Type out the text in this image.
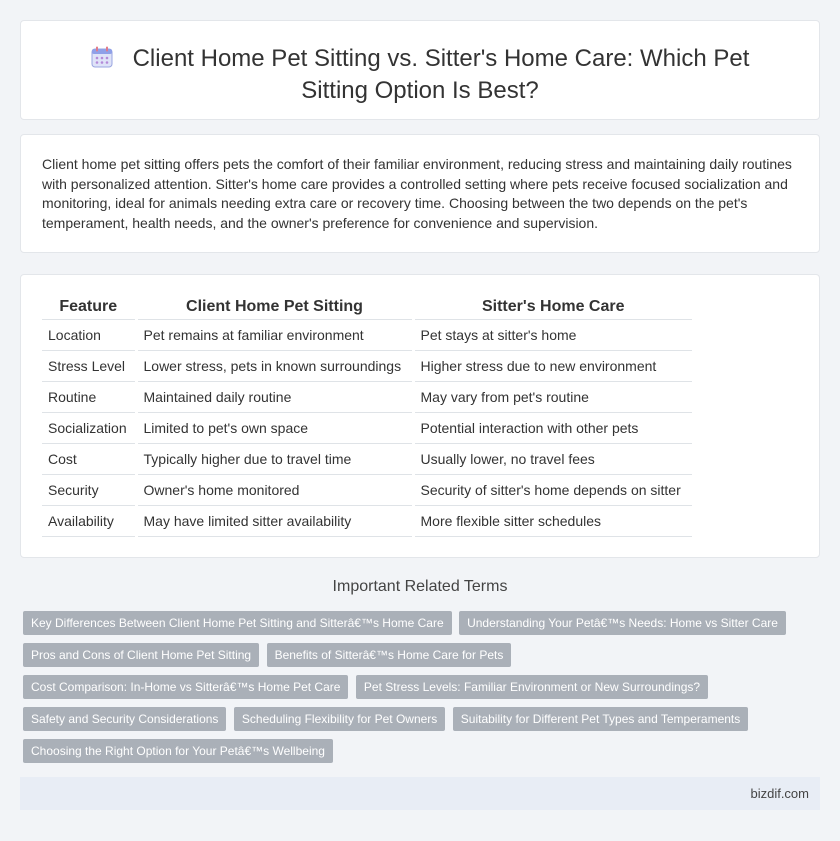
Client Home Pet Sitting vs. Sitter's Home Care: Which Pet Sitting Option Is Best?

Client home pet sitting offers pets the comfort of their familiar environment, reducing stress and maintaining daily routines with personalized attention. Sitter's home care provides a controlled setting where pets receive focused socialization and monitoring, ideal for animals needing extra care or recovery time. Choosing between the two depends on the pet's temperament, health needs, and the owner's preference for convenience and supervision.

Feature	Client Home Pet Sitting	Sitter's Home Care
Location	Pet remains at familiar environment	Pet stays at sitter's home
Stress Level	Lower stress, pets in known surroundings	Higher stress due to new environment
Routine	Maintained daily routine	May vary from pet's routine
Socialization	Limited to pet's own space	Potential interaction with other pets
Cost	Typically higher due to travel time	Usually lower, no travel fees
Security	Owner's home monitored	Security of sitter's home depends on sitter
Availability	May have limited sitter availability	More flexible sitter schedules
Important Related Terms
Key Differences Between Client Home Pet Sitting and Sitterâ€™s Home Care Understanding Your Petâ€™s Needs: Home vs Sitter Care Pros and Cons of Client Home Pet Sitting Benefits of Sitterâ€™s Home Care for Pets Cost Comparison: In-Home vs Sitterâ€™s Home Pet Care Pet Stress Levels: Familiar Environment or New Surroundings? Safety and Security Considerations Scheduling Flexibility for Pet Owners Suitability for Different Pet Types and Temperaments Choosing the Right Option for Your Petâ€™s Wellbeing
bizdif.com
